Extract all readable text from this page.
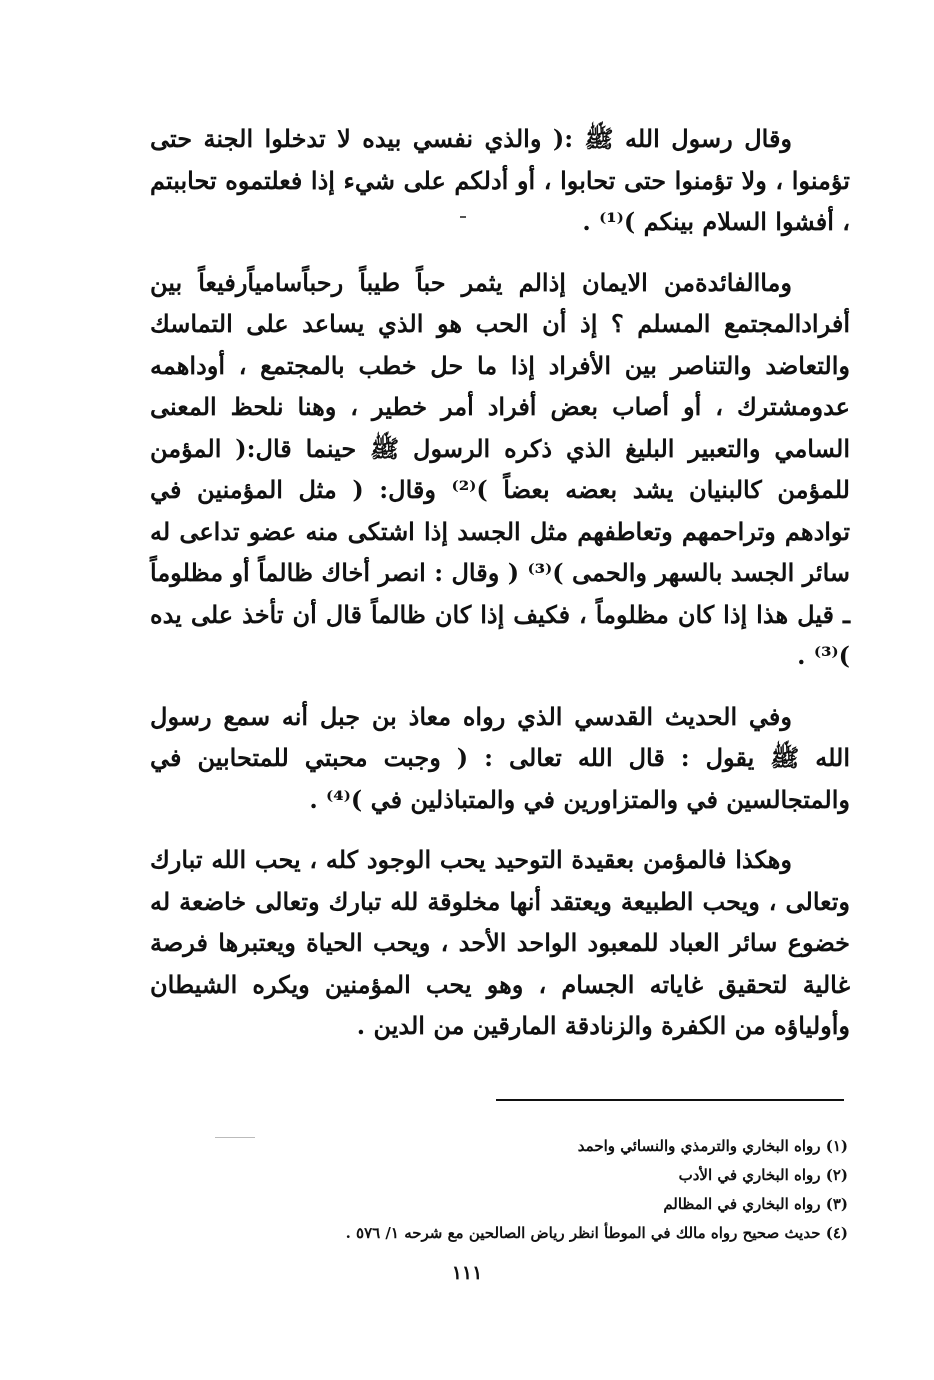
وقال رسول الله ﷺ :( والذي نفسي بيده لا تدخلوا الجنة حتى تؤمنوا ، ولا تؤمنوا حتى تحابوا ، أو أدلكم على شيء إذا فعلتموه تحاببتم ، أفشوا السلام بينكم )⁽¹⁾ .

وماالفائدةمن الايمان إذالم يثمر حباً طيباً رحباًسامياًرفيعاً بين أفرادالمجتمع المسلم ؟ إذ أن الحب هو الذي يساعد على التماسك والتعاضد والتناصر بين الأفراد إذا ما حل خطب بالمجتمع ، أوداهمه عدومشترك ، أو أصاب بعض أفراد أمر خطير ، وهنا نلحظ المعنى السامي والتعبير البليغ الذي ذكره الرسول ﷺ حينما قال:( المؤمن للمؤمن كالبنيان يشد بعضه بعضاً )⁽²⁾ وقال: ( مثل المؤمنين في توادهم وتراحمهم وتعاطفهم مثل الجسد إذا اشتكى منه عضو تداعى له سائر الجسد بالسهر والحمى )⁽³⁾ ( وقال : انصر أخاك ظالماً أو مظلوماً ـ قيل هذا إذا كان مظلوماً ، فكيف إذا كان ظالماً قال أن تأخذ على يده )⁽³⁾ .

وفي الحديث القدسي الذي رواه معاذ بن جبل أنه سمع رسول الله ﷺ يقول : قال الله تعالى : ( وجبت محبتي للمتحابين في والمتجالسين في والمتزاورين في والمتباذلين في )⁽⁴⁾ .

وهكذا فالمؤمن بعقيدة التوحيد يحب الوجود كله ، يحب الله تبارك وتعالى ، ويحب الطبيعة ويعتقد أنها مخلوقة لله تبارك وتعالى خاضعة له خضوع سائر العباد للمعبود الواحد الأحد ، ويحب الحياة ويعتبرها فرصة غالية لتحقيق غاياته الجسام ، وهو يحب المؤمنين ويكره الشيطان وأولياؤه من الكفرة والزنادقة المارقين من الدين .

(١) رواه البخاري والترمذي والنسائي واحمد
(٢) رواه البخاري في الأدب
(٣) رواه البخاري في المظالم
(٤) حديث صحيح رواه مالك في الموطأ انظر رياض الصالحين مع شرحه ١/ ٥٧٦ .
١١١
